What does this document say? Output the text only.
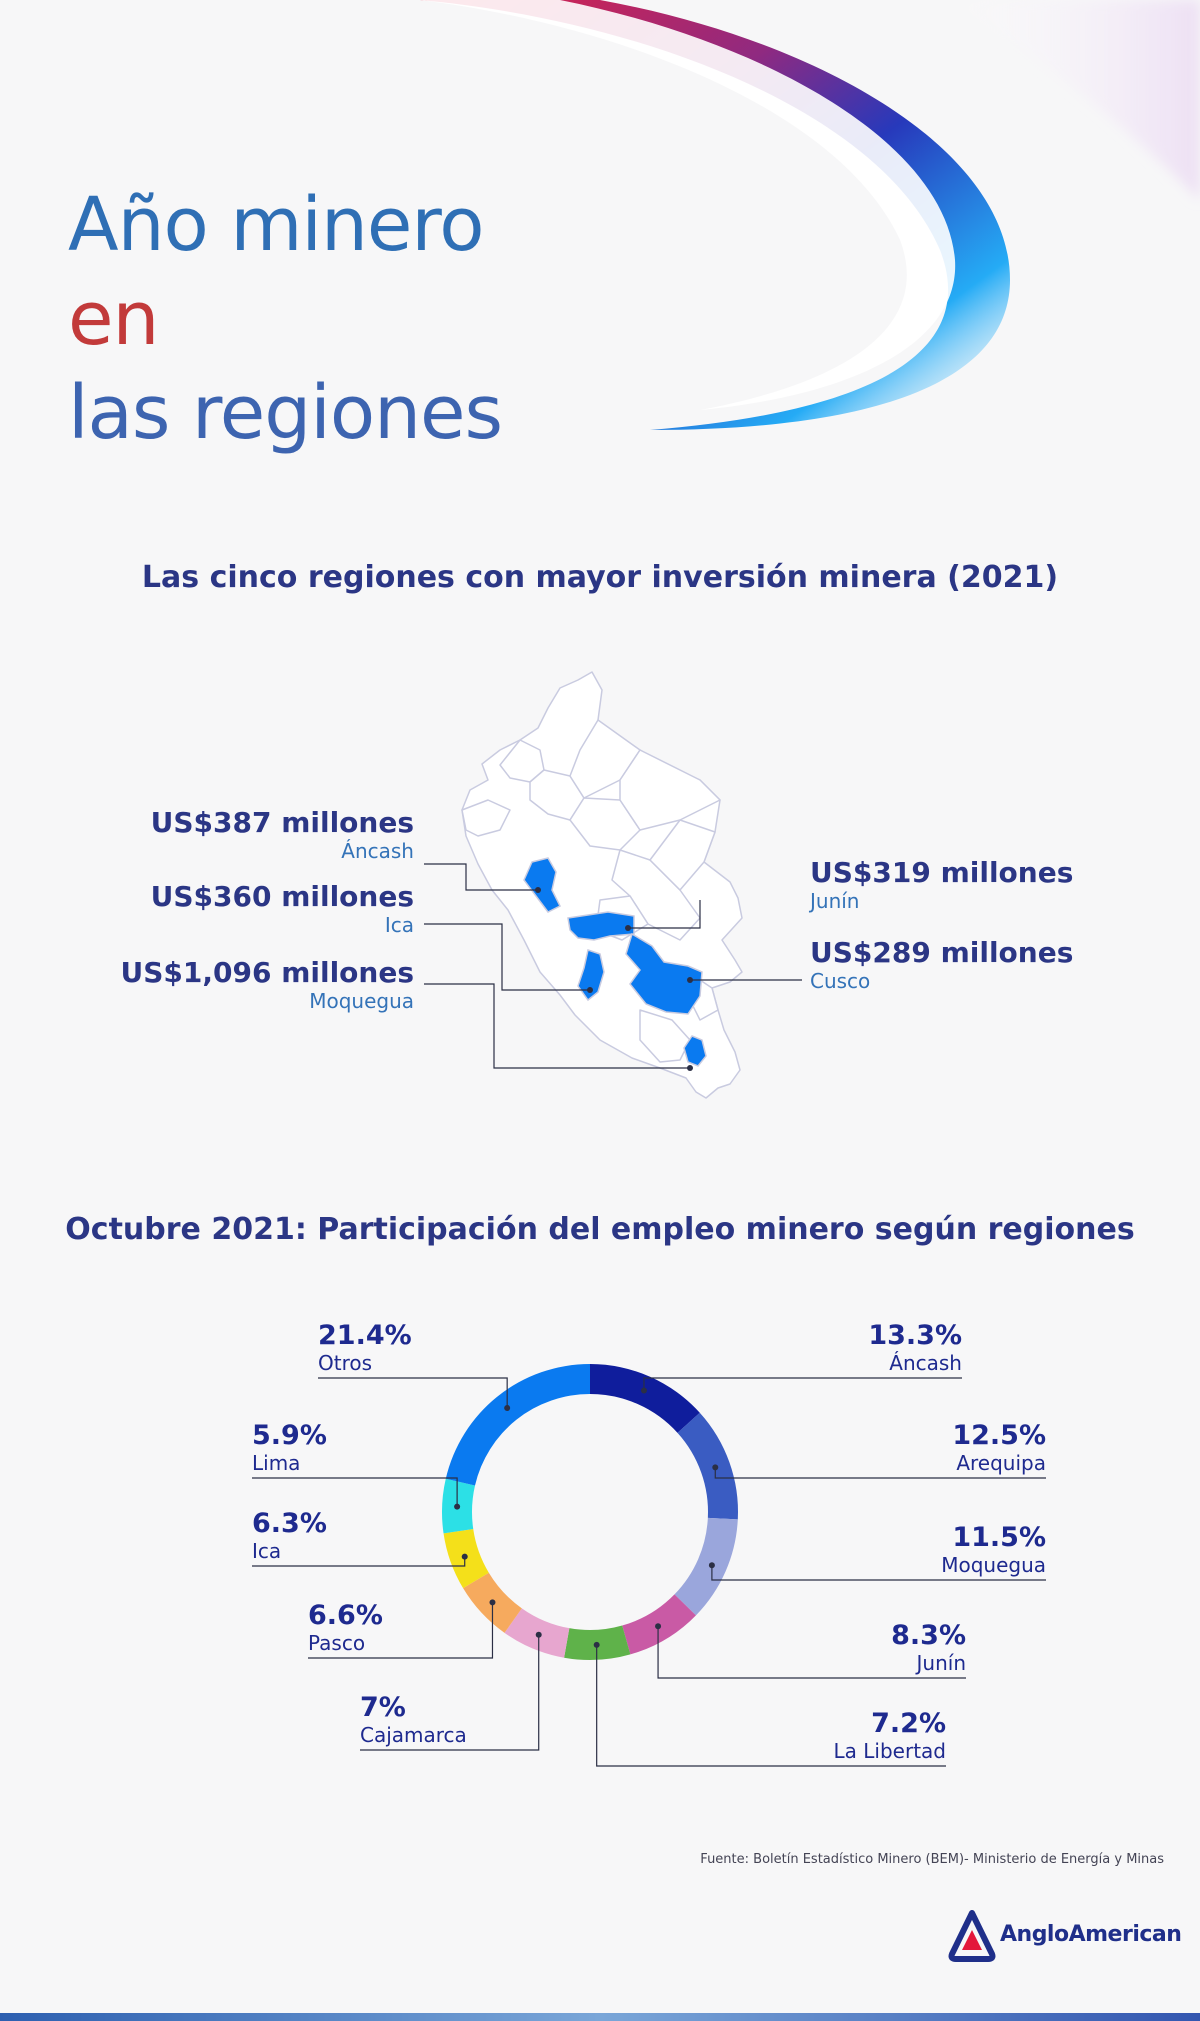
Año minero
en
las regiones
Las cinco regiones con mayor inversión minera (2021)
US$387 millones
Áncash
US$360 millones
Ica
US$1,096 millones
Moquegua
US$319 millones
Junín
US$289 millones
Cusco
Octubre 2021: Participación del empleo minero según regiones
13.3%
Áncash
12.5%
Arequipa
11.5%
Moquegua
8.3%
Junín
7.2%
La Libertad
7%
Cajamarca
6.6%
Pasco
6.3%
Ica
5.9%
Lima
21.4%
Otros
Fuente: Boletín Estadístico Minero (BEM)- Ministerio de Energía y Minas
AngloAmerican
